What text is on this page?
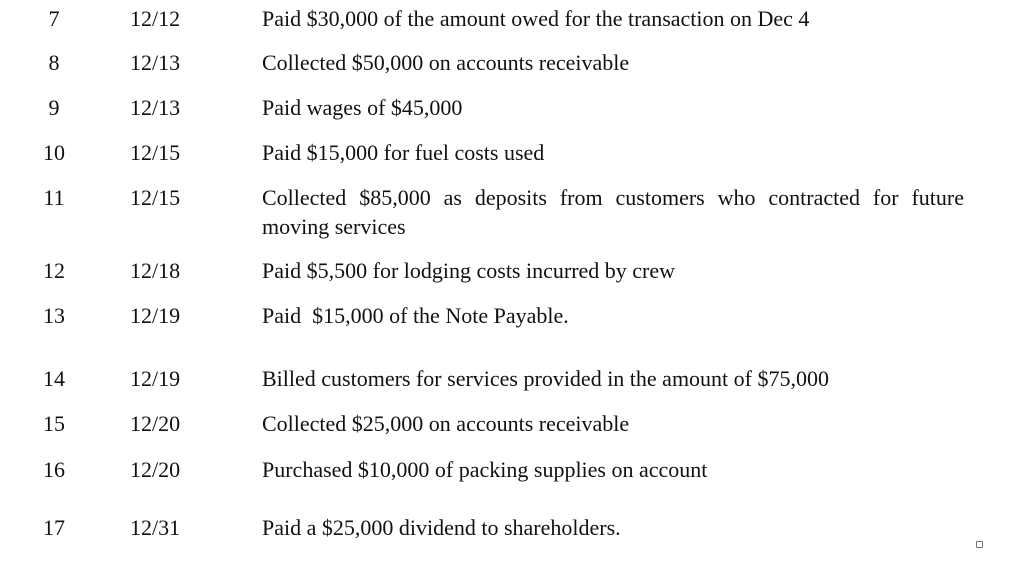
7	12/12	Paid $30,000 of the amount owed for the transaction on Dec 4
8	12/13	Collected $50,000 on accounts receivable
9	12/13	Paid wages of $45,000
10	12/15	Paid $15,000 for fuel costs used
11	12/15	Collected $85,000 as deposits from customers who contracted for future moving services
12	12/18	Paid $5,500 for lodging costs incurred by crew
13	12/19	Paid  $15,000 of the Note Payable.
14	12/19	Billed customers for services provided in the amount of $75,000
15	12/20	Collected $25,000 on accounts receivable
16	12/20	Purchased $10,000 of packing supplies on account
17	12/31	Paid a $25,000 dividend to shareholders.
